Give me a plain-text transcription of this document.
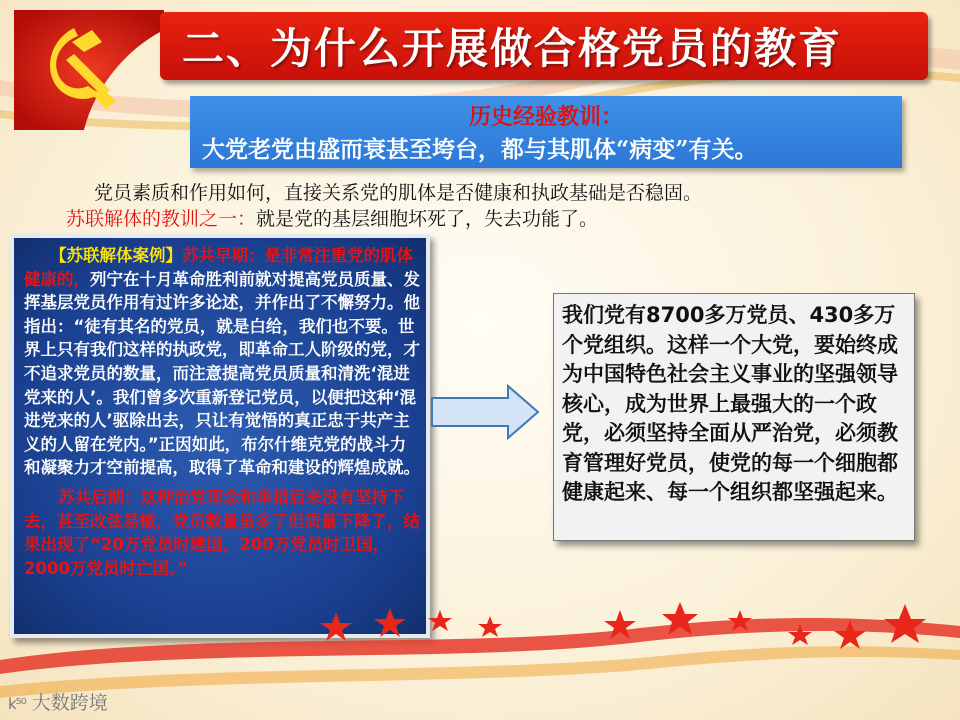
二、为什么开展做合格党员的教育
历史经验教训：
大党老党由盛而衰甚至垮台，都与其肌体“病变”有关。
党员素质和作用如何，直接关系党的肌体是否健康和执政基础是否稳固。
苏联解体的教训之一：就是党的基层细胞坏死了，失去功能了。
【苏联解体案例】苏共早期：是非常注重党的肌体健康的，列宁在十月革命胜利前就对提高党员质量、发挥基层党员作用有过许多论述，并作出了不懈努力。他指出：“徒有其名的党员，就是白给，我们也不要。世界上只有我们这样的执政党，即革命工人阶级的党，才不追求党员的数量，而注意提高党员质量和清洗‘混进党来的人’。我们曾多次重新登记党员，以便把这种‘混进党来的人’驱除出去，只让有觉悟的真正忠于共产主义的人留在党内。”正因如此，布尔什维克党的战斗力和凝聚力才空前提高，取得了革命和建设的辉煌成就。
苏共后期：这种治党理念和举措后来没有坚持下去，甚至改弦易辙，党员数量虽多了但质量下降了，结果出现了“20万党员时建国，200万党员时卫国，2000万党员时亡国。”
我们党有8700多万党员、430多万个党组织。这样一个大党，要始终成为中国特色社会主义事业的坚强领导核心，成为世界上最强大的一个政党，必须坚持全面从严治党，必须教育管理好党员，使党的每一个细胞都健康起来、每一个组织都坚强起来。
k⁵⁰ 大数跨境
